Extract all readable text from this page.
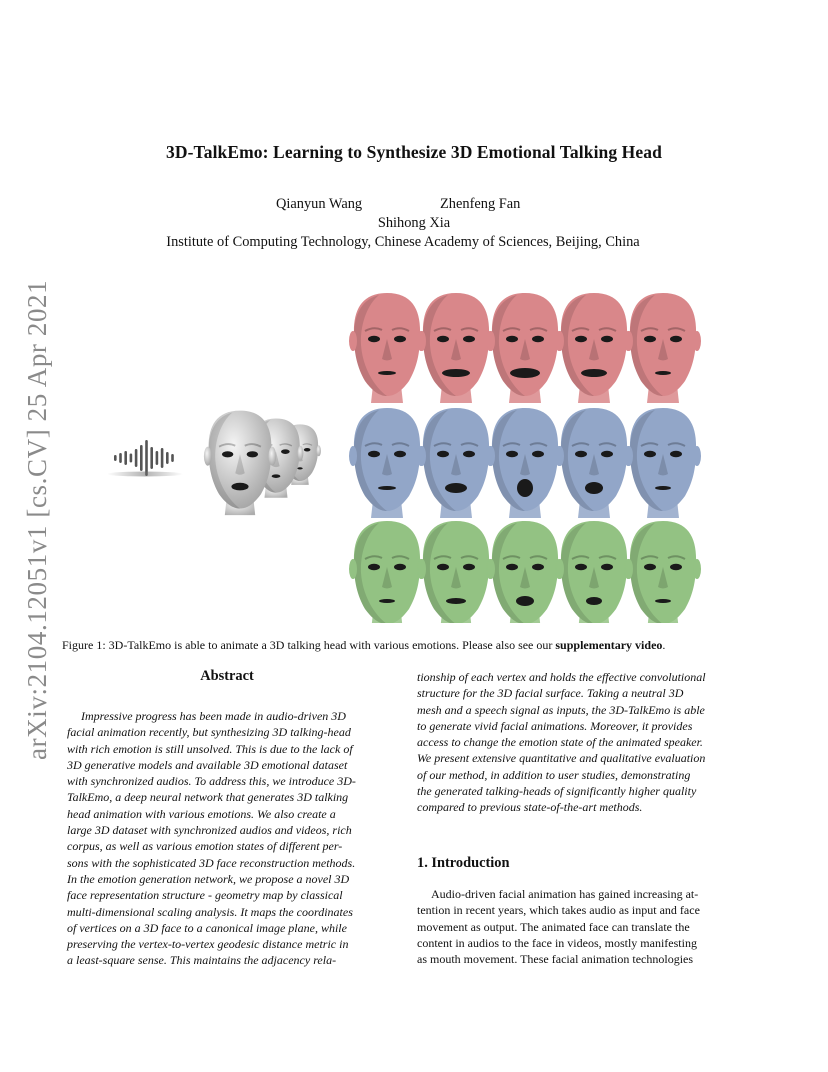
arXiv:2104.12051v1 [cs.CV] 25 Apr 2021
3D-TalkEmo: Learning to Synthesize 3D Emotional Talking Head
Qianyun Wang	Zhenfeng Fan
Shihong Xia
Institute of Computing Technology, Chinese Academy of Sciences, Beijing, China
Figure 1: 3D-TalkEmo is able to animate a 3D talking head with various emotions. Please also see our supplementary video.
Abstract
Impressive progress has been made in audio-driven 3D
facial animation recently, but synthesizing 3D talking-head
with rich emotion is still unsolved. This is due to the lack of
3D generative models and available 3D emotional dataset
with synchronized audios. To address this, we introduce 3D-
TalkEmo, a deep neural network that generates 3D talking
head animation with various emotions. We also create a
large 3D dataset with synchronized audios and videos, rich
corpus, as well as various emotion states of different per-
sons with the sophisticated 3D face reconstruction methods.
In the emotion generation network, we propose a novel 3D
face representation structure - geometry map by classical
multi-dimensional scaling analysis. It maps the coordinates
of vertices on a 3D face to a canonical image plane, while
preserving the vertex-to-vertex geodesic distance metric in
a least-square sense. This maintains the adjacency rela-
tionship of each vertex and holds the effective convolutional
structure for the 3D facial surface. Taking a neutral 3D
mesh and a speech signal as inputs, the 3D-TalkEmo is able
to generate vivid facial animations. Moreover, it provides
access to change the emotion state of the animated speaker.
We present extensive quantitative and qualitative evaluation
of our method, in addition to user studies, demonstrating
the generated talking-heads of significantly higher quality
compared to previous state-of-the-art methods.
1. Introduction
Audio-driven facial animation has gained increasing at-
tention in recent years, which takes audio as input and face
movement as output. The animated face can translate the
content in audios to the face in videos, mostly manifesting
as mouth movement. These facial animation technologies
